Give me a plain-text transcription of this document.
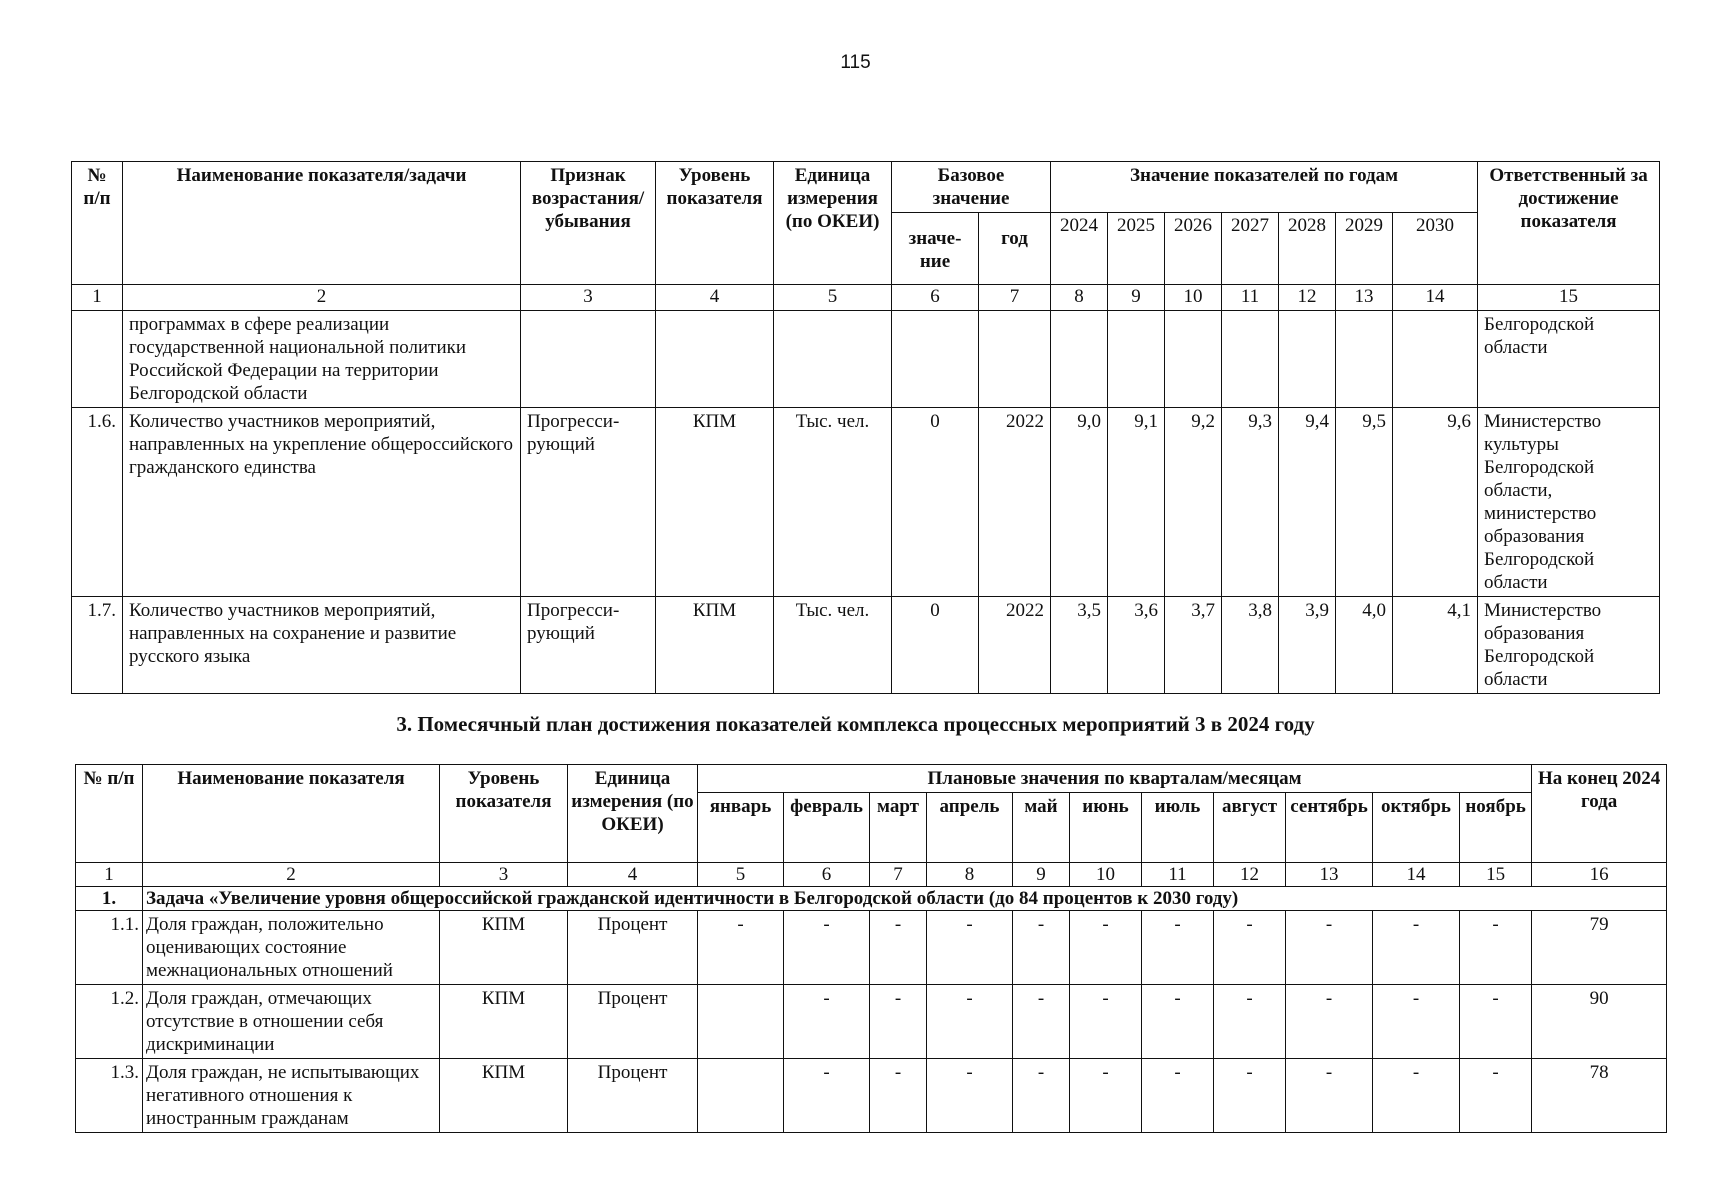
115
№ п/п	Наименование показателя/задачи	Признак возрастания/ убывания	Уровень показателя	Единица измерения (по ОКЕИ)	Базовое значение		Значение показателей по годам							Ответственный за достижение показателя
					значе- ние	год	2024	2025	2026	2027	2028	2029	2030	
1	2	3	4	5	6	7	8	9	10	11	12	13	14	15
	программах в сфере реализации государственной национальной политики Российской Федерации на территории Белгородской области													Белгородской области
1.6.	Количество участников мероприятий, направленных на укрепление общероссийского гражданского единства	Прогресси- рующий	КПМ	Тыс. чел.	0	2022	9,0	9,1	9,2	9,3	9,4	9,5	9,6	Министерство культуры Белгородской области, министерство образования Белгородской области
1.7.	Количество участников мероприятий, направленных на сохранение и развитие русского языка	Прогресси- рующий	КПМ	Тыс. чел.	0	2022	3,5	3,6	3,7	3,8	3,9	4,0	4,1	Министерство образования Белгородской области
3. Помесячный план достижения показателей комплекса процессных мероприятий 3 в 2024 году
№ п/п	Наименование показателя	Уровень показателя	Единица измерения (по ОКЕИ)	Плановые значения по кварталам/месяцам											На конец 2024 года
				январь	февраль	март	апрель	май	июнь	июль	август	сентябрь	октябрь	ноябрь	
1	2	3	4	5	6	7	8	9	10	11	12	13	14	15	16
1.	Задача «Увеличение уровня общероссийской гражданской идентичности в Белгородской области (до 84 процентов к 2030 году)														
1.1.	Доля граждан, положительно оценивающих состояние межнациональных отношений	КПМ	Процент	-	-	-	-	-	-	-	-	-	-	-	79
1.2.	Доля граждан, отмечающих отсутствие в отношении себя дискриминации	КПМ	Процент		-	-	-	-	-	-	-	-	-	-	90
1.3.	Доля граждан, не испытывающих негативного отношения к иностранным гражданам	КПМ	Процент		-	-	-	-	-	-	-	-	-	-	78
